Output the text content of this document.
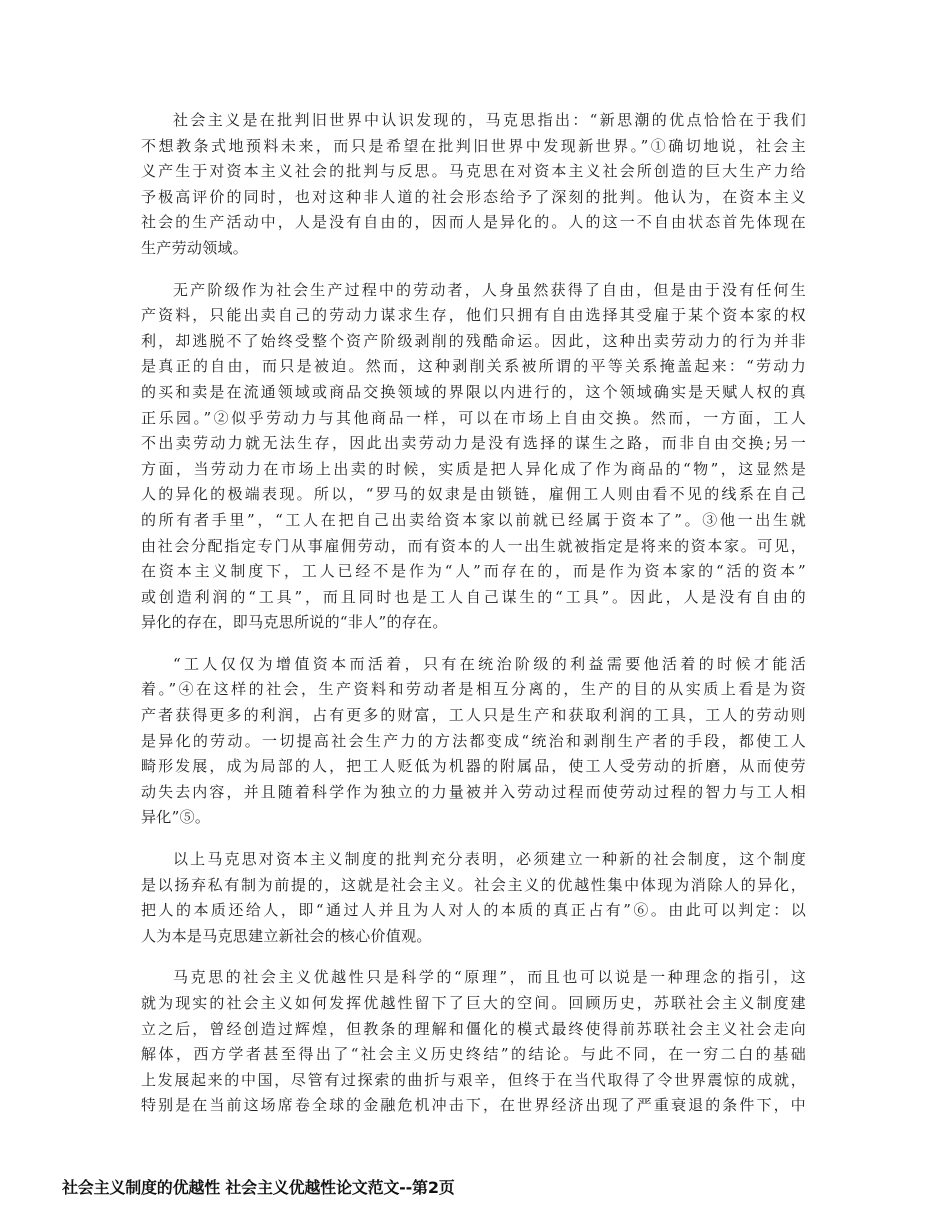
社会主义是在批判旧世界中认识发现的，马克思指出：“新思潮的优点恰恰在于我们
不想教条式地预料未来，而只是希望在批判旧世界中发现新世界。”①确切地说，社会主
义产生于对资本主义社会的批判与反思。马克思在对资本主义社会所创造的巨大生产力给
予极高评价的同时，也对这种非人道的社会形态给予了深刻的批判。他认为，在资本主义
社会的生产活动中，人是没有自由的，因而人是异化的。人的这一不自由状态首先体现在
生产劳动领域。
无产阶级作为社会生产过程中的劳动者，人身虽然获得了自由，但是由于没有任何生
产资料，只能出卖自己的劳动力谋求生存，他们只拥有自由选择其受雇于某个资本家的权
利，却逃脱不了始终受整个资产阶级剥削的残酷命运。因此，这种出卖劳动力的行为并非
是真正的自由，而只是被迫。然而，这种剥削关系被所谓的平等关系掩盖起来：“劳动力
的买和卖是在流通领域或商品交换领域的界限以内进行的，这个领域确实是天赋人权的真
正乐园。”②似乎劳动力与其他商品一样，可以在市场上自由交换。然而，一方面，工人
不出卖劳动力就无法生存，因此出卖劳动力是没有选择的谋生之路，而非自由交换;另一
方面，当劳动力在市场上出卖的时候，实质是把人异化成了作为商品的“物”，这显然是
人的异化的极端表现。所以，“罗马的奴隶是由锁链，雇佣工人则由看不见的线系在自己
的所有者手里”，“工人在把自己出卖给资本家以前就已经属于资本了”。③他一出生就
由社会分配指定专门从事雇佣劳动，而有资本的人一出生就被指定是将来的资本家。可见，
在资本主义制度下，工人已经不是作为“人”而存在的，而是作为资本家的“活的资本”
或创造利润的“工具”，而且同时也是工人自己谋生的“工具”。因此，人是没有自由的
异化的存在，即马克思所说的“非人”的存在。
“工人仅仅为增值资本而活着，只有在统治阶级的利益需要他活着的时候才能活
着。”④在这样的社会，生产资料和劳动者是相互分离的，生产的目的从实质上看是为资
产者获得更多的利润，占有更多的财富，工人只是生产和获取利润的工具，工人的劳动则
是异化的劳动。一切提高社会生产力的方法都变成“统治和剥削生产者的手段，都使工人
畸形发展，成为局部的人，把工人贬低为机器的附属品，使工人受劳动的折磨，从而使劳
动失去内容，并且随着科学作为独立的力量被并入劳动过程而使劳动过程的智力与工人相
异化”⑤。
以上马克思对资本主义制度的批判充分表明，必须建立一种新的社会制度，这个制度
是以扬弃私有制为前提的，这就是社会主义。社会主义的优越性集中体现为消除人的异化，
把人的本质还给人，即“通过人并且为人对人的本质的真正占有”⑥。由此可以判定：以
人为本是马克思建立新社会的核心价值观。
马克思的社会主义优越性只是科学的“原理”，而且也可以说是一种理念的指引，这
就为现实的社会主义如何发挥优越性留下了巨大的空间。回顾历史，苏联社会主义制度建
立之后，曾经创造过辉煌，但教条的理解和僵化的模式最终使得前苏联社会主义社会走向
解体，西方学者甚至得出了“社会主义历史终结”的结论。与此不同，在一穷二白的基础
上发展起来的中国，尽管有过探索的曲折与艰辛，但终于在当代取得了令世界震惊的成就，
特别是在当前这场席卷全球的金融危机冲击下，在世界经济出现了严重衰退的条件下，中
社会主义制度的优越性 社会主义优越性论文范文--第2页
